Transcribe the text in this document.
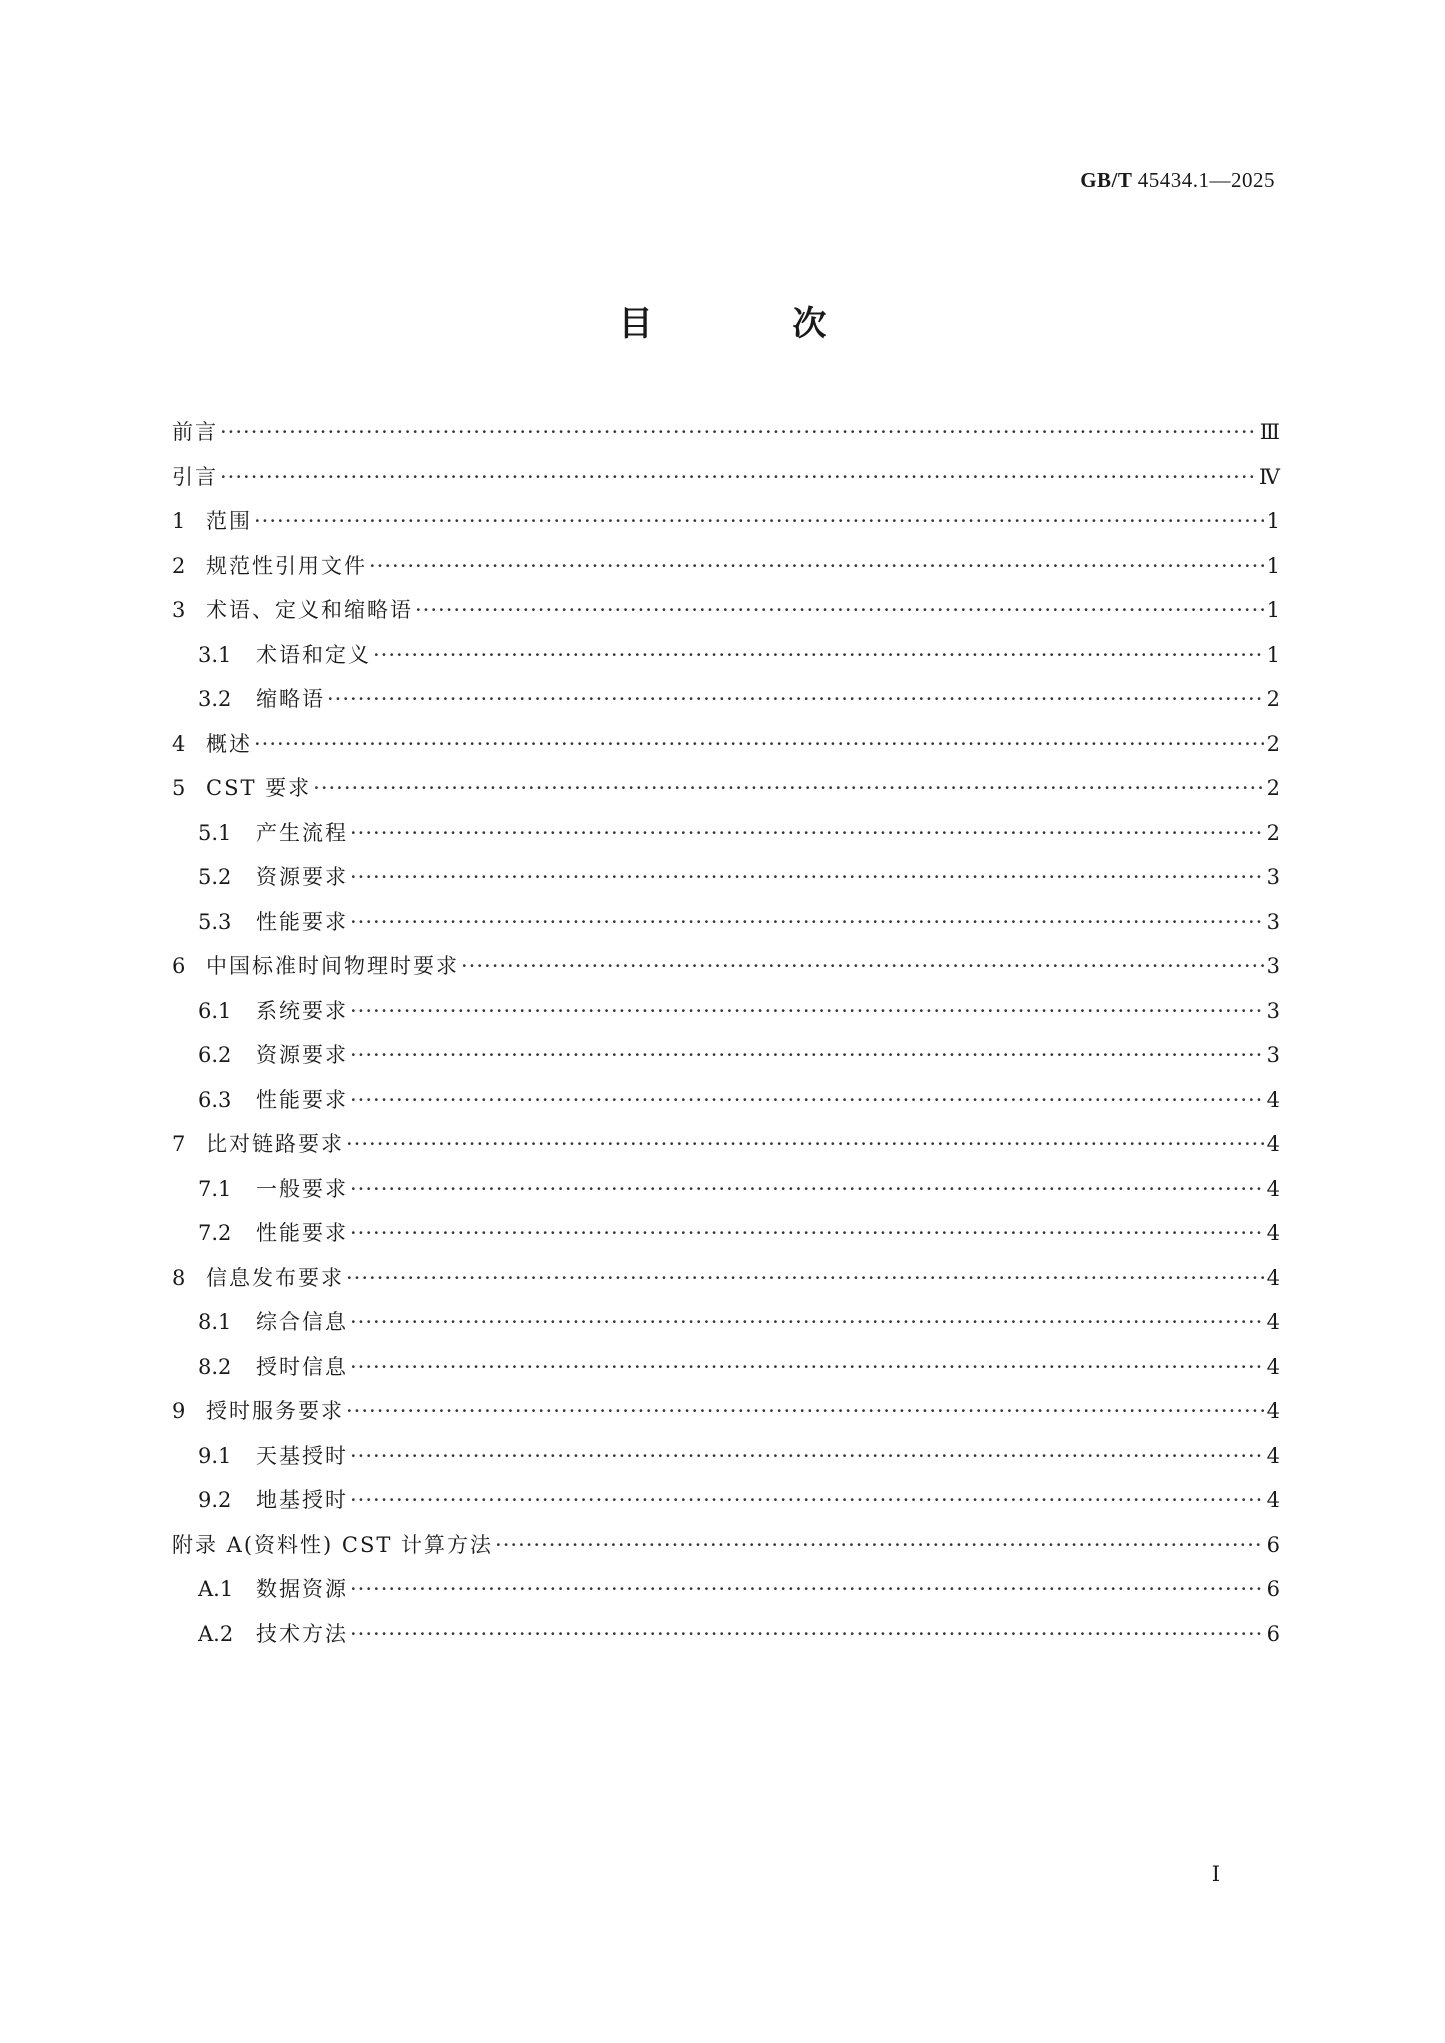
GB/T 45434.1—2025
目 次
前言 ·····	Ⅲ
引言 ·····	Ⅳ
1 范围 ·····	1
2 规范性引用文件 ·····	1
3 术语、定义和缩略语 ·····	1
3.1	术语和定义 ·····	1
3.2	缩略语 ·····	2
4 概述 ·····	2
5 CST 要求 ·····	2
5.1	产生流程 ·····	2
5.2	资源要求 ·····	3
5.3	性能要求 ·····	3
6 中国标准时间物理时要求 ·····	3
6.1	系统要求 ·····	3
6.2	资源要求 ·····	3
6.3	性能要求 ·····	4
7 比对链路要求 ·····	4
7.1	一般要求 ·····	4
7.2	性能要求 ·····	4
8 信息发布要求 ·····	4
8.1	综合信息 ·····	4
8.2	授时信息 ·····	4
9 授时服务要求 ·····	4
9.1	天基授时 ·····	4
9.2	地基授时 ·····	4
附录 A(资料性) CST 计算方法 ·····	6
A.1	数据资源 ·····	6
A.2	技术方法 ·····	6
Ⅰ
